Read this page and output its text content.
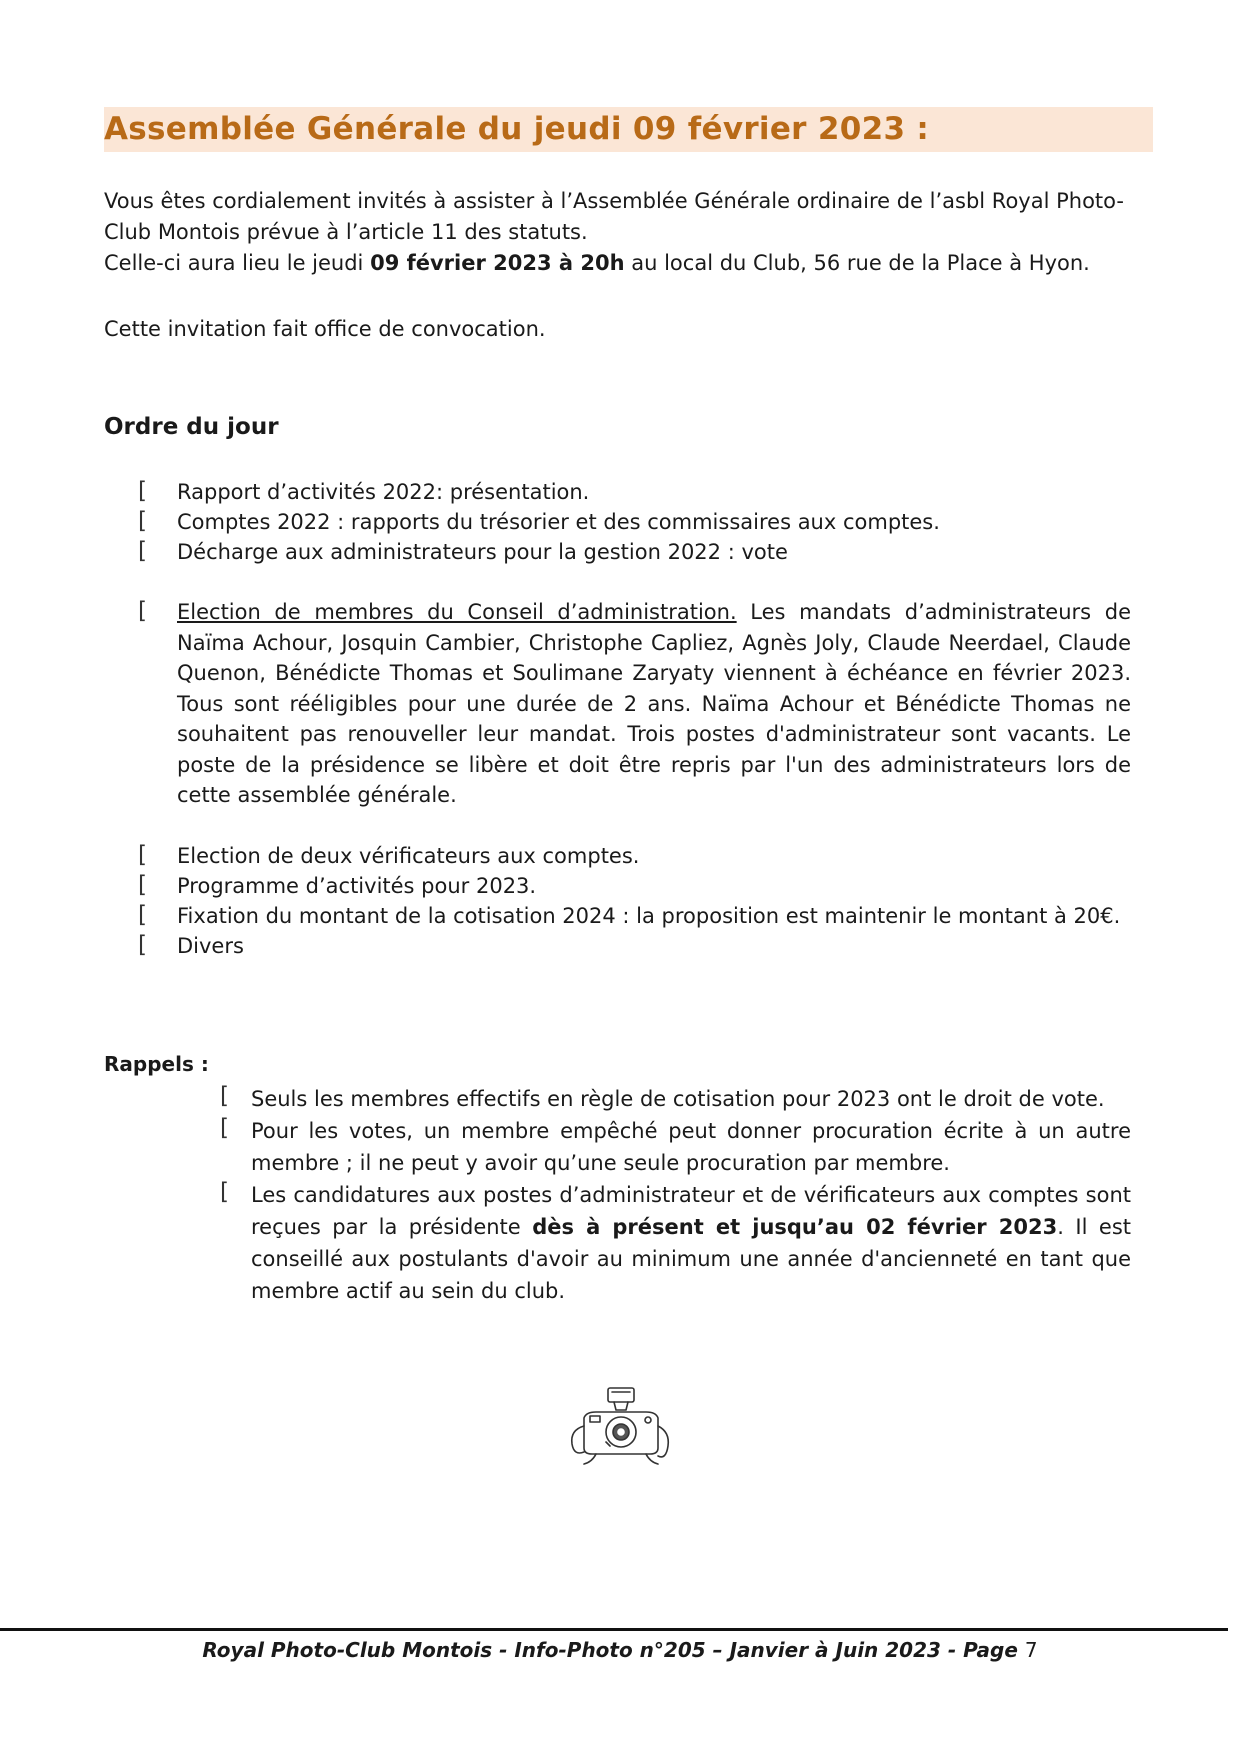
Assemblée Générale du jeudi 09 février 2023 :
Vous êtes cordialement invités à assister à l’Assemblée Générale ordinaire de l’asbl Royal Photo-Club Montois prévue à l’article 11 des statuts.
Celle-ci aura lieu le jeudi 09 février 2023 à 20h au local du Club, 56 rue de la Place à Hyon.
Cette invitation fait office de convocation.
Ordre du jour
[ Rapport d’activités 2022: présentation.
[ Comptes 2022 : rapports du trésorier et des commissaires aux comptes.
[ Décharge aux administrateurs pour la gestion 2022 : vote
[ Election de membres du Conseil d’administration. Les mandats d’administrateurs de Naïma Achour, Josquin Cambier, Christophe Capliez, Agnès Joly, Claude Neerdael, Claude Quenon, Bénédicte Thomas et Soulimane Zaryaty viennent à échéance en février 2023. Tous sont rééligibles pour une durée de 2 ans. Naïma Achour et Bénédicte Thomas ne souhaitent pas renouveller leur mandat. Trois postes d'administrateur sont vacants. Le poste de la présidence se libère et doit être repris par l'un des administrateurs lors de cette assemblée générale.
[ Election de deux vérificateurs aux comptes.
[ Programme d’activités pour 2023.
[ Fixation du montant de la cotisation 2024 : la proposition est maintenir le montant à 20€.
[ Divers
Rappels :
[ Seuls les membres effectifs en règle de cotisation pour 2023 ont le droit de vote.
[ Pour les votes, un membre empêché peut donner procuration écrite à un autre membre ; il ne peut y avoir qu’une seule procuration par membre.
[ Les candidatures aux postes d’administrateur et de vérificateurs aux comptes sont reçues par la présidente dès à présent et jusqu’au 02 février 2023. Il est conseillé aux postulants d'avoir au minimum une année d'ancienneté en tant que membre actif au sein du club.
Royal Photo-Club Montois - Info-Photo n°205 – Janvier à Juin 2023 - Page 7
